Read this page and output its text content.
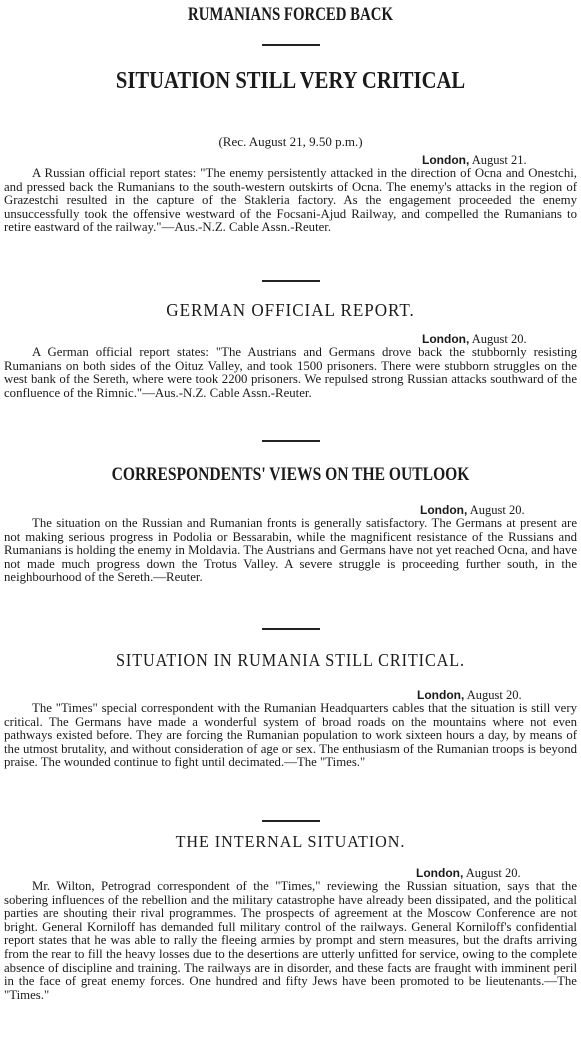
RUMANIANS FORCED BACK
SITUATION STILL VERY CRITICAL
(Rec. August 21, 9.50 p.m.)
London, August 21.
A Russian official report states: "The enemy persistently attacked in the direction of Ocna and Onestchi, and pressed back the Rumanians to the south-western outskirts of Ocna. The enemy's attacks in the region of Grazestchi resulted in the capture of the Stakleria factory. As the engagement proceeded the enemy unsuccessfully took the offensive westward of the Focsani-Ajud Railway, and compelled the Rumanians to retire eastward of the railway."—Aus.-N.Z. Cable Assn.-Reuter.
GERMAN OFFICIAL REPORT.
London, August 20.
A German official report states: "The Austrians and Germans drove back the stubbornly resisting Rumanians on both sides of the Oituz Valley, and took 1500 prisoners. There were stubborn struggles on the west bank of the Sereth, where were took 2200 prisoners. We repulsed strong Russian attacks southward of the confluence of the Rimnic."—Aus.-N.Z. Cable Assn.-Reuter.
CORRESPONDENTS' VIEWS ON THE OUTLOOK
London, August 20.
The situation on the Russian and Rumanian fronts is generally satisfactory. The Germans at present are not making serious progress in Podolia or Bessarabin, while the magnificent resistance of the Russians and Rumanians is holding the enemy in Moldavia. The Austrians and Germans have not yet reached Ocna, and have not made much progress down the Trotus Valley. A severe struggle is proceeding further south, in the neighbourhood of the Sereth.—Reuter.
SITUATION IN RUMANIA STILL CRITICAL.
London, August 20.
The "Times" special correspondent with the Rumanian Headquarters cables that the situation is still very critical. The Germans have made a wonderful system of broad roads on the mountains where not even pathways existed before. They are forcing the Rumanian population to work sixteen hours a day, by means of the utmost brutality, and without consideration of age or sex. The enthusiasm of the Rumanian troops is beyond praise. The wounded continue to fight until decimated.—The "Times."
THE INTERNAL SITUATION.
London, August 20.
Mr. Wilton, Petrograd correspondent of the "Times," reviewing the Russian situation, says that the sobering influences of the rebellion and the military catastrophe have already been dissipated, and the political parties are shouting their rival programmes. The prospects of agreement at the Moscow Conference are not bright. General Korniloff has demanded full military control of the railways. General Korniloff's confidential report states that he was able to rally the fleeing armies by prompt and stern measures, but the drafts arriving from the rear to fill the heavy losses due to the desertions are utterly unfitted for service, owing to the complete absence of discipline and training. The railways are in disorder, and these facts are fraught with imminent peril in the face of great enemy forces. One hundred and fifty Jews have been promoted to be lieutenants.—The "Times."
